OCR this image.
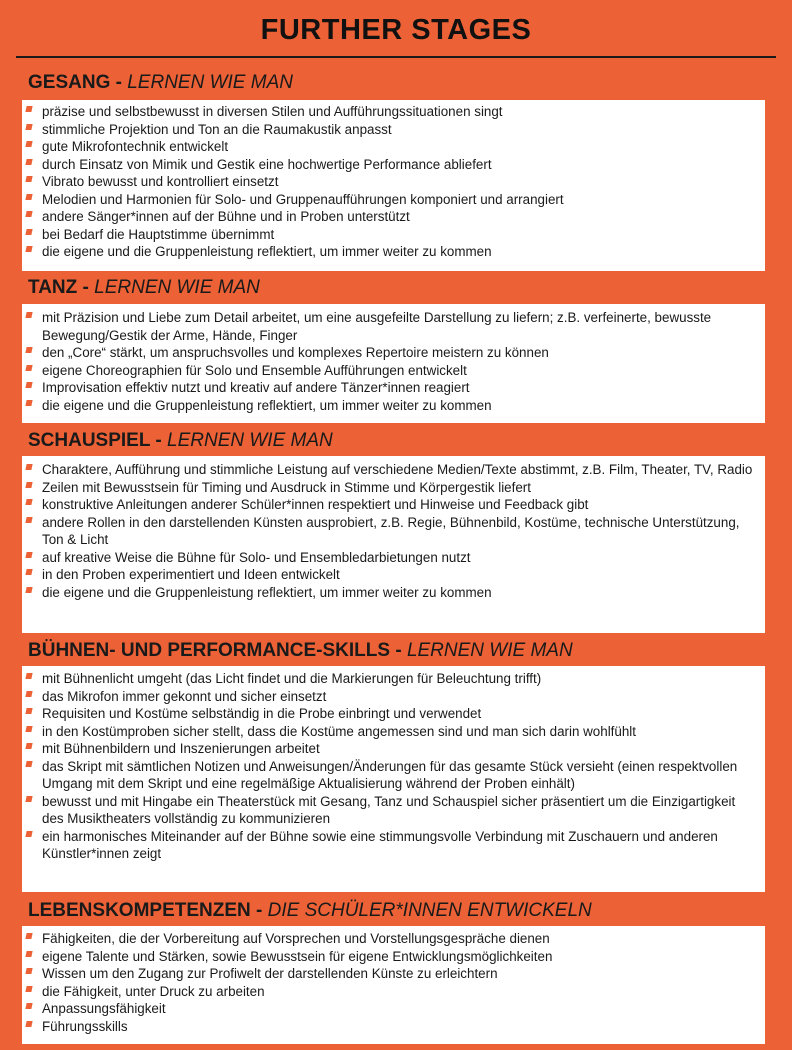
FURTHER STAGES
GESANG - LERNEN WIE MAN
präzise und selbstbewusst in diversen Stilen und Aufführungssituationen singt
stimmliche Projektion und Ton an die Raumakustik anpasst
gute Mikrofontechnik entwickelt
durch Einsatz von Mimik und Gestik eine hochwertige Performance abliefert
Vibrato bewusst und kontrolliert einsetzt
Melodien und Harmonien für Solo- und Gruppenaufführungen komponiert und arrangiert
andere Sänger*innen auf der Bühne und in Proben unterstützt
bei Bedarf die Hauptstimme übernimmt
die eigene und die Gruppenleistung reflektiert, um immer weiter zu kommen
TANZ - LERNEN WIE MAN
mit Präzision und Liebe zum Detail arbeitet, um eine ausgefeilte Darstellung zu liefern; z.B. verfeinerte, bewusste Bewegung/Gestik der Arme, Hände, Finger
den „Core“ stärkt, um anspruchsvolles und komplexes Repertoire meistern zu können
eigene Choreographien für Solo und Ensemble Aufführungen entwickelt
Improvisation effektiv nutzt und kreativ auf andere Tänzer*innen reagiert
die eigene und die Gruppenleistung reflektiert, um immer weiter zu kommen
SCHAUSPIEL - LERNEN WIE MAN
Charaktere, Aufführung und stimmliche Leistung auf verschiedene Medien/Texte abstimmt, z.B. Film, Theater, TV, Radio
Zeilen mit Bewusstsein für Timing und Ausdruck in Stimme und Körpergestik liefert
konstruktive Anleitungen anderer Schüler*innen respektiert und Hinweise und Feedback gibt
andere Rollen in den darstellenden Künsten ausprobiert, z.B. Regie, Bühnenbild, Kostüme, technische Unterstützung, Ton & Licht
auf kreative Weise die Bühne für Solo- und Ensembledarbietungen nutzt
in den Proben experimentiert und Ideen entwickelt
die eigene und die Gruppenleistung reflektiert, um immer weiter zu kommen
BÜHNEN- UND PERFORMANCE-SKILLS - LERNEN WIE MAN
mit Bühnenlicht umgeht (das Licht findet und die Markierungen für Beleuchtung trifft)
das Mikrofon immer gekonnt und sicher einsetzt
Requisiten und Kostüme selbständig in die Probe einbringt und verwendet
in den Kostümproben sicher stellt, dass die Kostüme angemessen sind und man sich darin wohlfühlt
mit Bühnenbildern und Inszenierungen arbeitet
das Skript mit sämtlichen Notizen und Anweisungen/Änderungen für das gesamte Stück versieht (einen respektvollen Umgang mit dem Skript und eine regelmäßige Aktualisierung während der Proben einhält)
bewusst und mit Hingabe ein Theaterstück mit Gesang, Tanz und Schauspiel sicher präsentiert um die Einzigartigkeit des Musiktheaters vollständig zu kommunizieren
ein harmonisches Miteinander auf der Bühne sowie eine stimmungsvolle Verbindung mit Zuschauern und anderen Künstler*innen zeigt
LEBENSKOMPETENZEN - DIE SCHÜLER*INNEN ENTWICKELN
Fähigkeiten, die der Vorbereitung auf Vorsprechen und Vorstellungsgespräche dienen
eigene Talente und Stärken, sowie Bewusstsein für eigene Entwicklungsmöglichkeiten
Wissen um den Zugang zur Profiwelt der darstellenden Künste zu erleichtern
die Fähigkeit, unter Druck zu arbeiten
Anpassungsfähigkeit
Führungsskills
